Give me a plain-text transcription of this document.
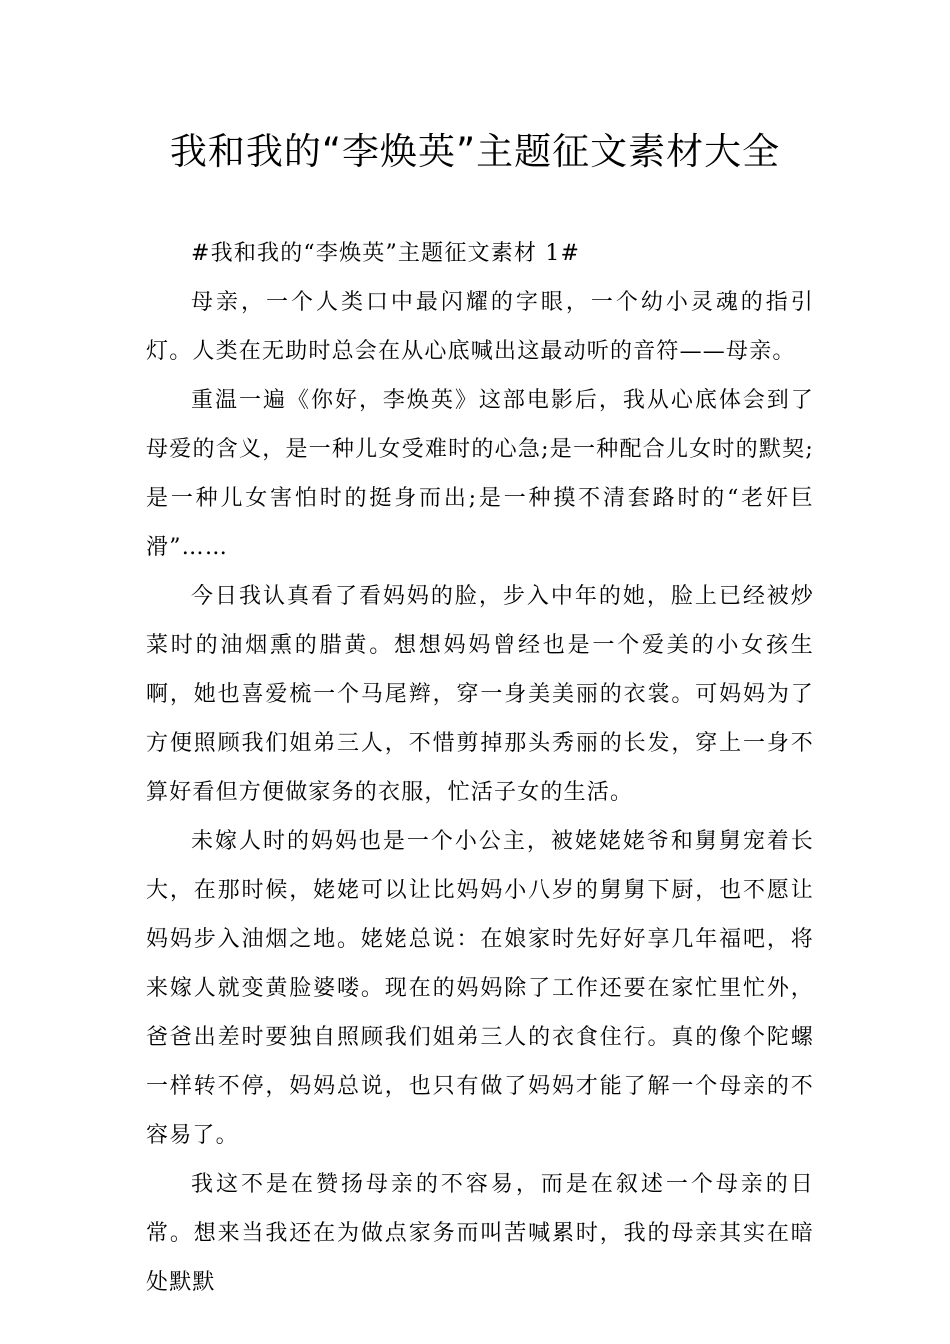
我和我的“李焕英”主题征文素材大全

#我和我的“李焕英”主题征文素材 1#

母亲，一个人类口中最闪耀的字眼，一个幼小灵魂的指引灯。人类在无助时总会在从心底喊出这最动听的音符——母亲。

重温一遍《你好，李焕英》这部电影后，我从心底体会到了母爱的含义，是一种儿女受难时的心急;是一种配合儿女时的默契;是一种儿女害怕时的挺身而出;是一种摸不清套路时的“老奸巨滑”……

今日我认真看了看妈妈的脸，步入中年的她，脸上已经被炒菜时的油烟熏的腊黄。想想妈妈曾经也是一个爱美的小女孩生啊，她也喜爱梳一个马尾辫，穿一身美美丽的衣裳。可妈妈为了方便照顾我们姐弟三人，不惜剪掉那头秀丽的长发，穿上一身不算好看但方便做家务的衣服，忙活子女的生活。

未嫁人时的妈妈也是一个小公主，被姥姥姥爷和舅舅宠着长大，在那时候，姥姥可以让比妈妈小八岁的舅舅下厨，也不愿让妈妈步入油烟之地。姥姥总说：在娘家时先好好享几年福吧，将来嫁人就变黄脸婆喽。现在的妈妈除了工作还要在家忙里忙外，爸爸出差时要独自照顾我们姐弟三人的衣食住行。真的像个陀螺一样转不停，妈妈总说，也只有做了妈妈才能了解一个母亲的不容易了。

我这不是在赞扬母亲的不容易，而是在叙述一个母亲的日常。想来当我还在为做点家务而叫苦喊累时，我的母亲其实在暗处默默
